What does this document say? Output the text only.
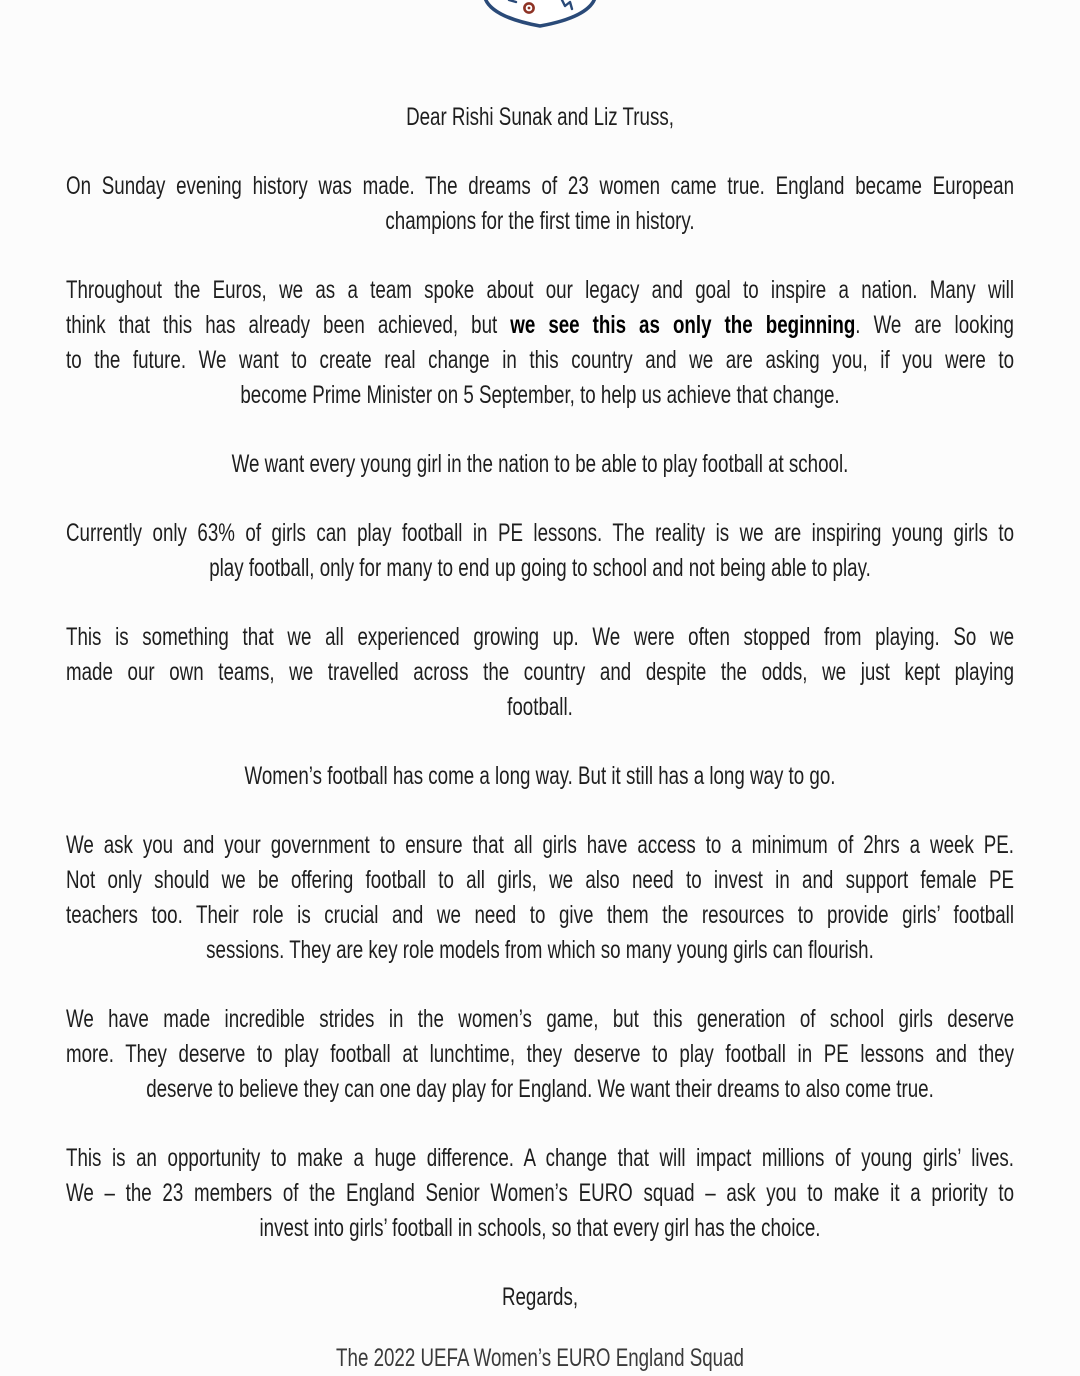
Dear Rishi Sunak and Liz Truss,
On Sunday evening history was made. The dreams of 23 women came true. England became European
champions for the first time in history.
Throughout the Euros, we as a team spoke about our legacy and goal to inspire a nation. Many will
think that this has already been achieved, but we see this as only the beginning. We are looking
to the future. We want to create real change in this country and we are asking you, if you were to
become Prime Minister on 5 September, to help us achieve that change.
We want every young girl in the nation to be able to play football at school.
Currently only 63% of girls can play football in PE lessons. The reality is we are inspiring young girls to
play football, only for many to end up going to school and not being able to play.
This is something that we all experienced growing up. We were often stopped from playing. So we
made our own teams, we travelled across the country and despite the odds, we just kept playing
football.
Women’s football has come a long way. But it still has a long way to go.
We ask you and your government to ensure that all girls have access to a minimum of 2hrs a week PE.
Not only should we be offering football to all girls, we also need to invest in and support female PE
teachers too. Their role is crucial and we need to give them the resources to provide girls’ football
sessions. They are key role models from which so many young girls can flourish.
We have made incredible strides in the women’s game, but this generation of school girls deserve
more. They deserve to play football at lunchtime, they deserve to play football in PE lessons and they
deserve to believe they can one day play for England. We want their dreams to also come true.
This is an opportunity to make a huge difference. A change that will impact millions of young girls’ lives.
We – the 23 members of the England Senior Women’s EURO squad – ask you to make it a priority to
invest into girls’ football in schools, so that every girl has the choice.
Regards,
The 2022 UEFA Women’s EURO England Squad
